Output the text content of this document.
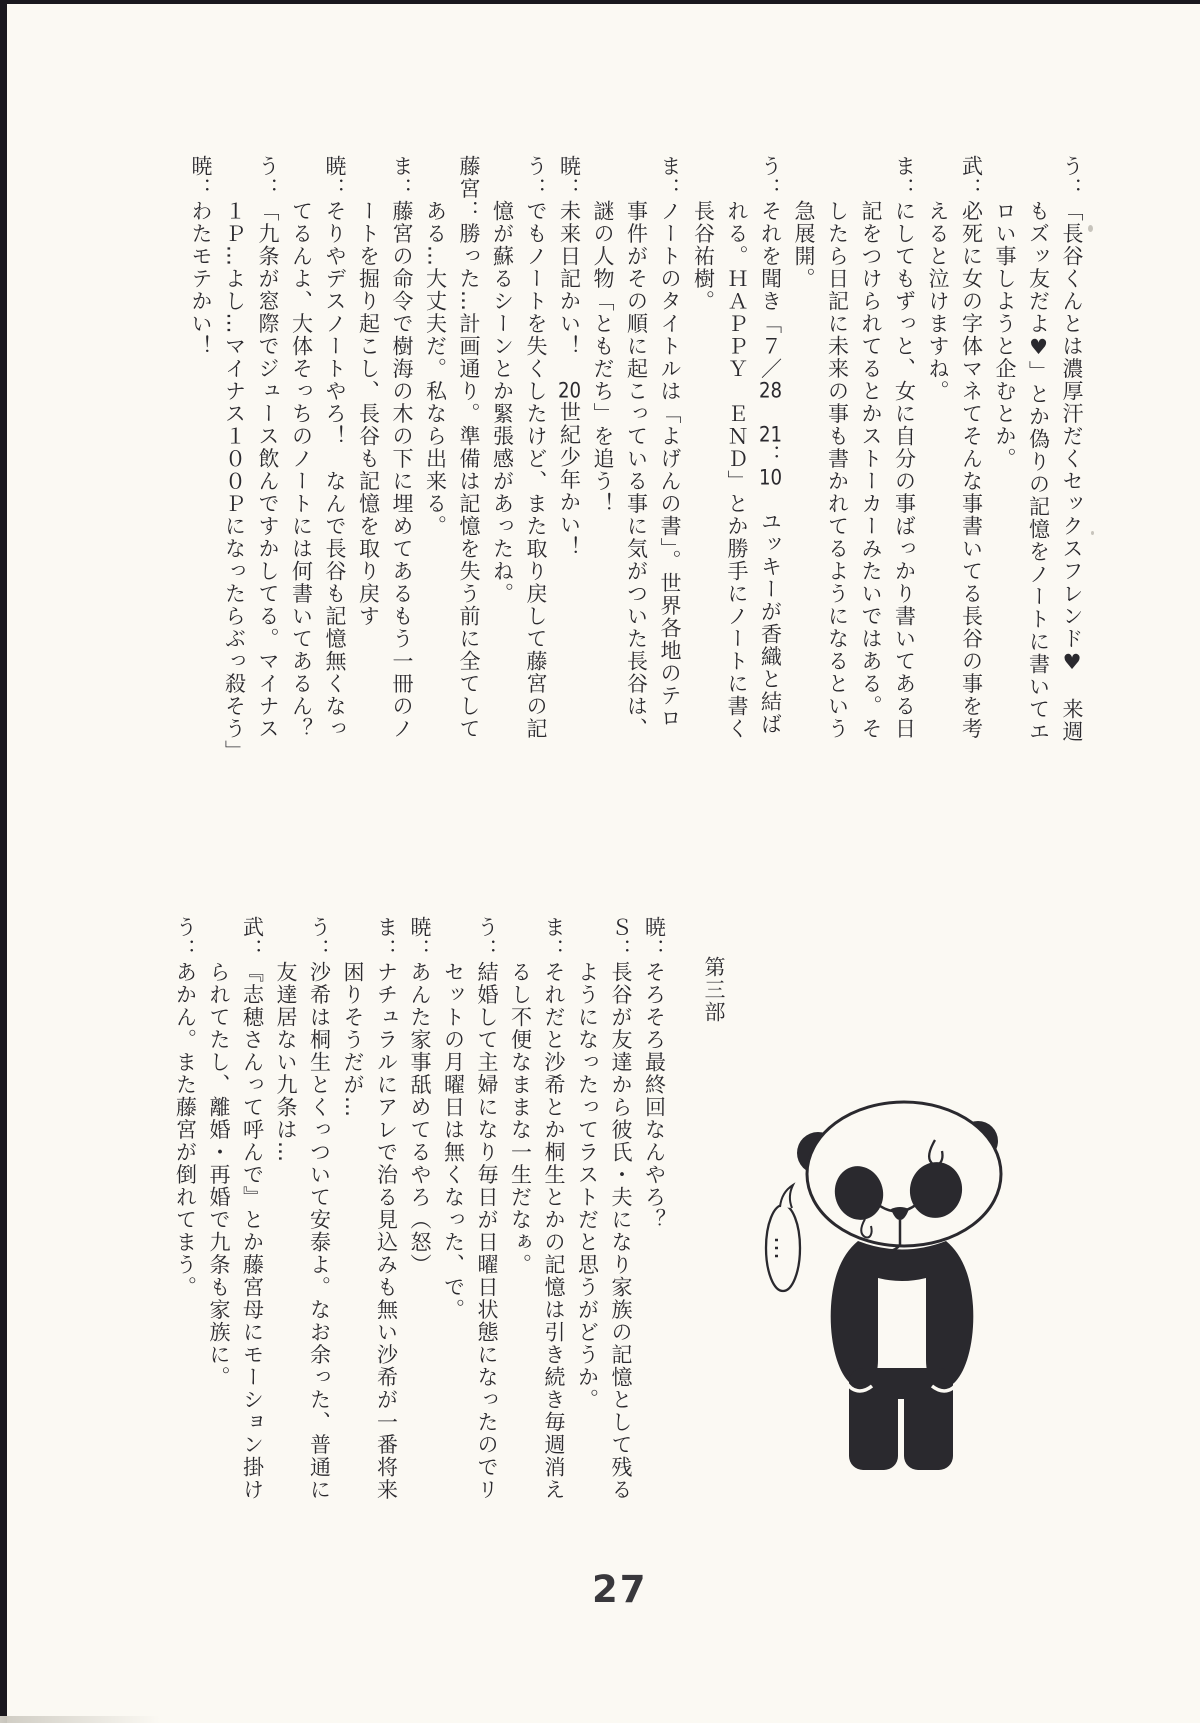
う：「長谷くんとは濃厚汗だくセックスフレンド♥　来週
もズッ友だよ♥」とか偽りの記憶をノートに書いてエ
ロい事しようと企むとか。
武：必死に女の字体マネてそんな事書いてる長谷の事を考
えると泣けますね。
ま：にしてもずっと、女に自分の事ばっかり書いてある日
記をつけられてるとかストーカーみたいではある。そ
したら日記に未来の事も書かれてるようになるという
急展開。
う：それを聞き「７／28　21：10　ユッキーが香織と結ば
れる。ＨＡＰＰＹ　ＥＮＤ」とか勝手にノートに書く
長谷祐樹。
ま：ノートのタイトルは「よげんの書」。世界各地のテロ
事件がその順に起こっている事に気がついた長谷は、
謎の人物「ともだち」を追う！
暁：未来日記かい！　20世紀少年かい！
う：でもノートを失くしたけど、また取り戻して藤宮の記
憶が蘇るシーンとか緊張感があったね。
藤宮：勝った…計画通り。準備は記憶を失う前に全てして
ある…大丈夫だ。私なら出来る。
ま：藤宮の命令で樹海の木の下に埋めてあるもう一冊のノ
ートを掘り起こし、長谷も記憶を取り戻す
暁：そりやデスノートやろ！　なんで長谷も記憶無くなっ
てるんよ、大体そっちのノートには何書いてあるん？
う：「九条が窓際でジュース飲んですかしてる。マイナス
１Ｐ…よし…マイナス１００Ｐになったらぶっ殺そう」
暁：わたモテかい！
第三部
暁：そろそろ最終回なんやろ？
Ｓ：長谷が友達から彼氏・夫になり家族の記憶として残る
ようになったってラストだと思うがどうか。
ま：それだと沙希とか桐生とかの記憶は引き続き毎週消え
るし不便なままな一生だなぁ。
う：結婚して主婦になり毎日が日曜日状態になったのでリ
セットの月曜日は無くなった、で。
暁：あんた家事舐めてるやろ（怒）
ま：ナチュラルにアレで治る見込みも無い沙希が一番将来
困りそうだが…
う：沙希は桐生とくっついて安泰よ。なお余った、普通に
友達居ない九条は…
武：『志穂さんって呼んで』とか藤宮母にモーション掛け
られてたし、離婚・再婚で九条も家族に。
う：あかん。また藤宮が倒れてまう。	…
27
